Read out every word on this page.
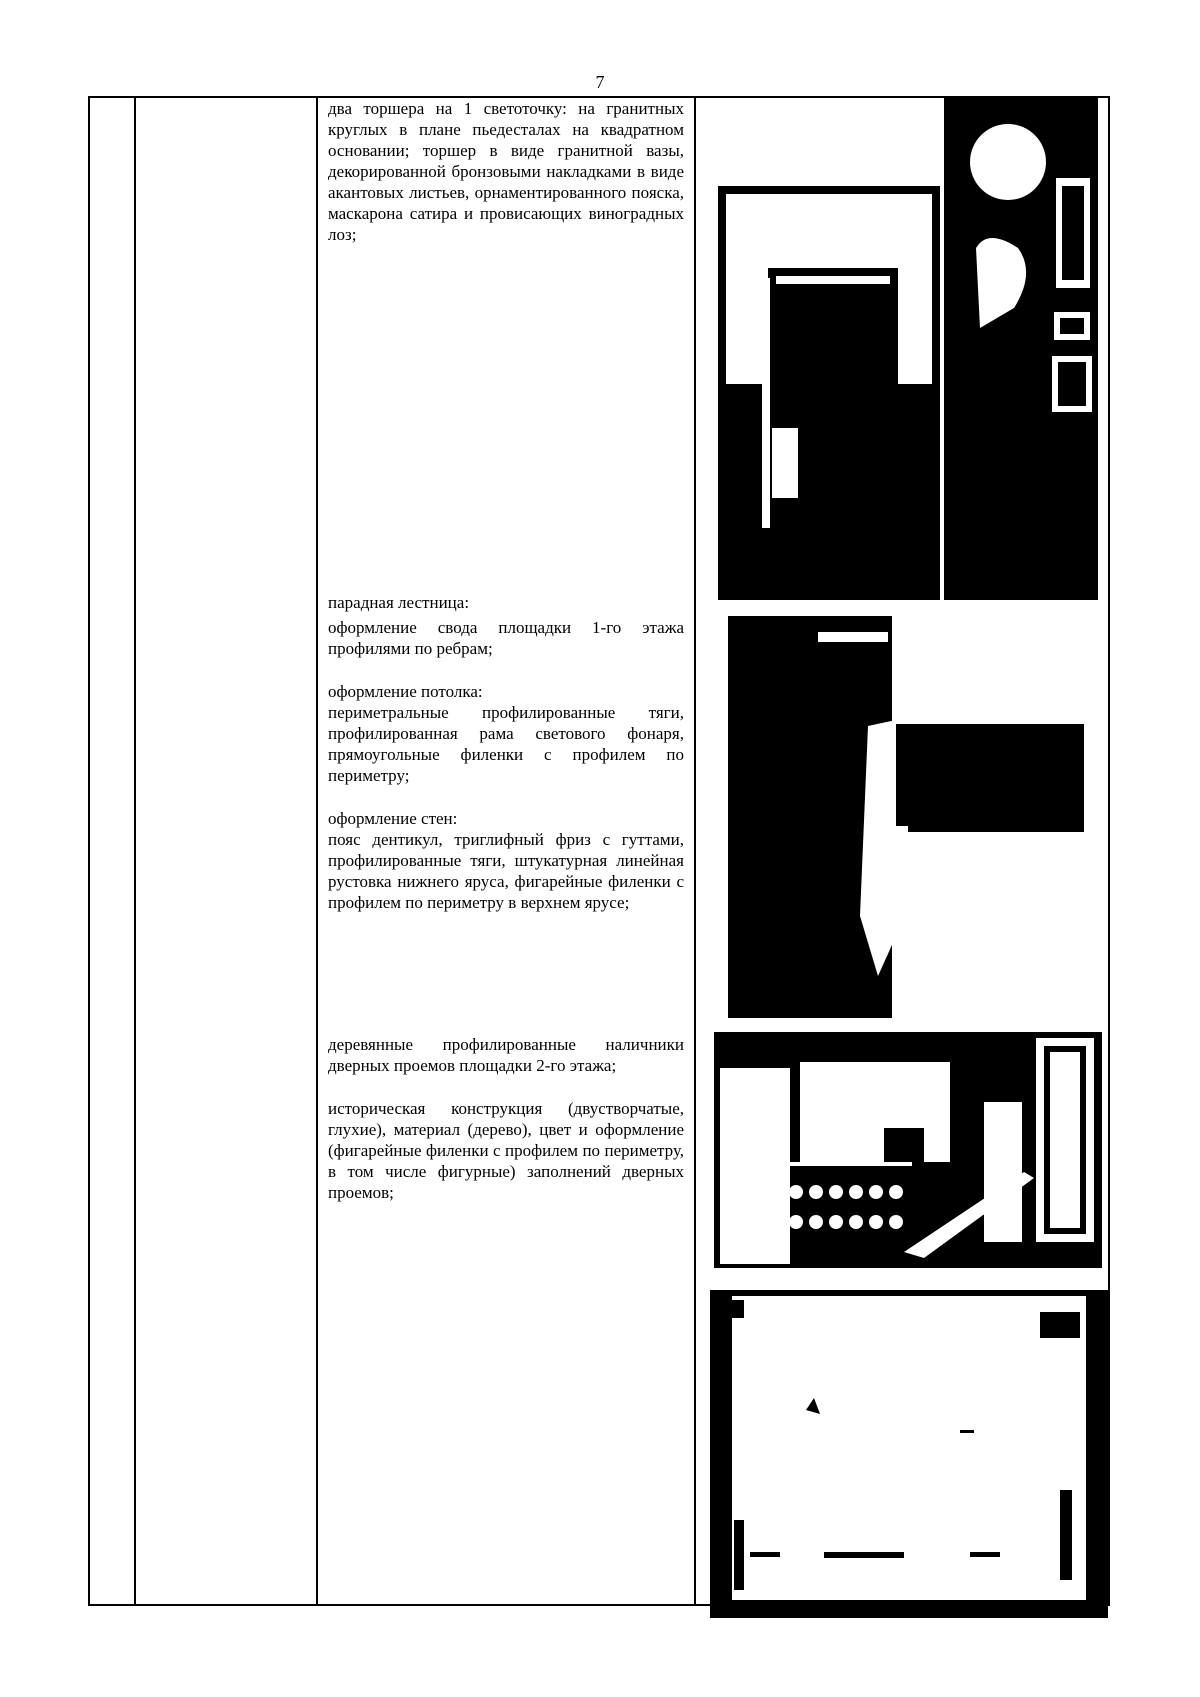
7

два торшера на 1 светоточку: на гранитных круглых в плане пьедесталах на квадратном основании; торшер в виде гранитной вазы, декорированной бронзовыми накладками в виде акантовых листьев, орнаментированного пояска, маскарона сатира и провисающих виноградных лоз;

парадная лестница:

оформление свода площадки 1-го этажа профилями по ребрам;

оформление потолка:

периметральные профилированные тяги, профилированная рама светового фонаря, прямоугольные филенки с профилем по периметру;

оформление стен:

пояс дентикул, триглифный фриз с гуттами, профилированные тяги, штукатурная линейная рустовка нижнего яруса, фигарейные филенки с профилем по периметру в верхнем ярусе;

деревянные профилированные наличники дверных проемов площадки 2-го этажа;

историческая конструкция (двустворчатые, глухие), материал (дерево), цвет и оформление (фигарейные филенки с профилем по периметру, в том числе фигурные) заполнений дверных проемов;
